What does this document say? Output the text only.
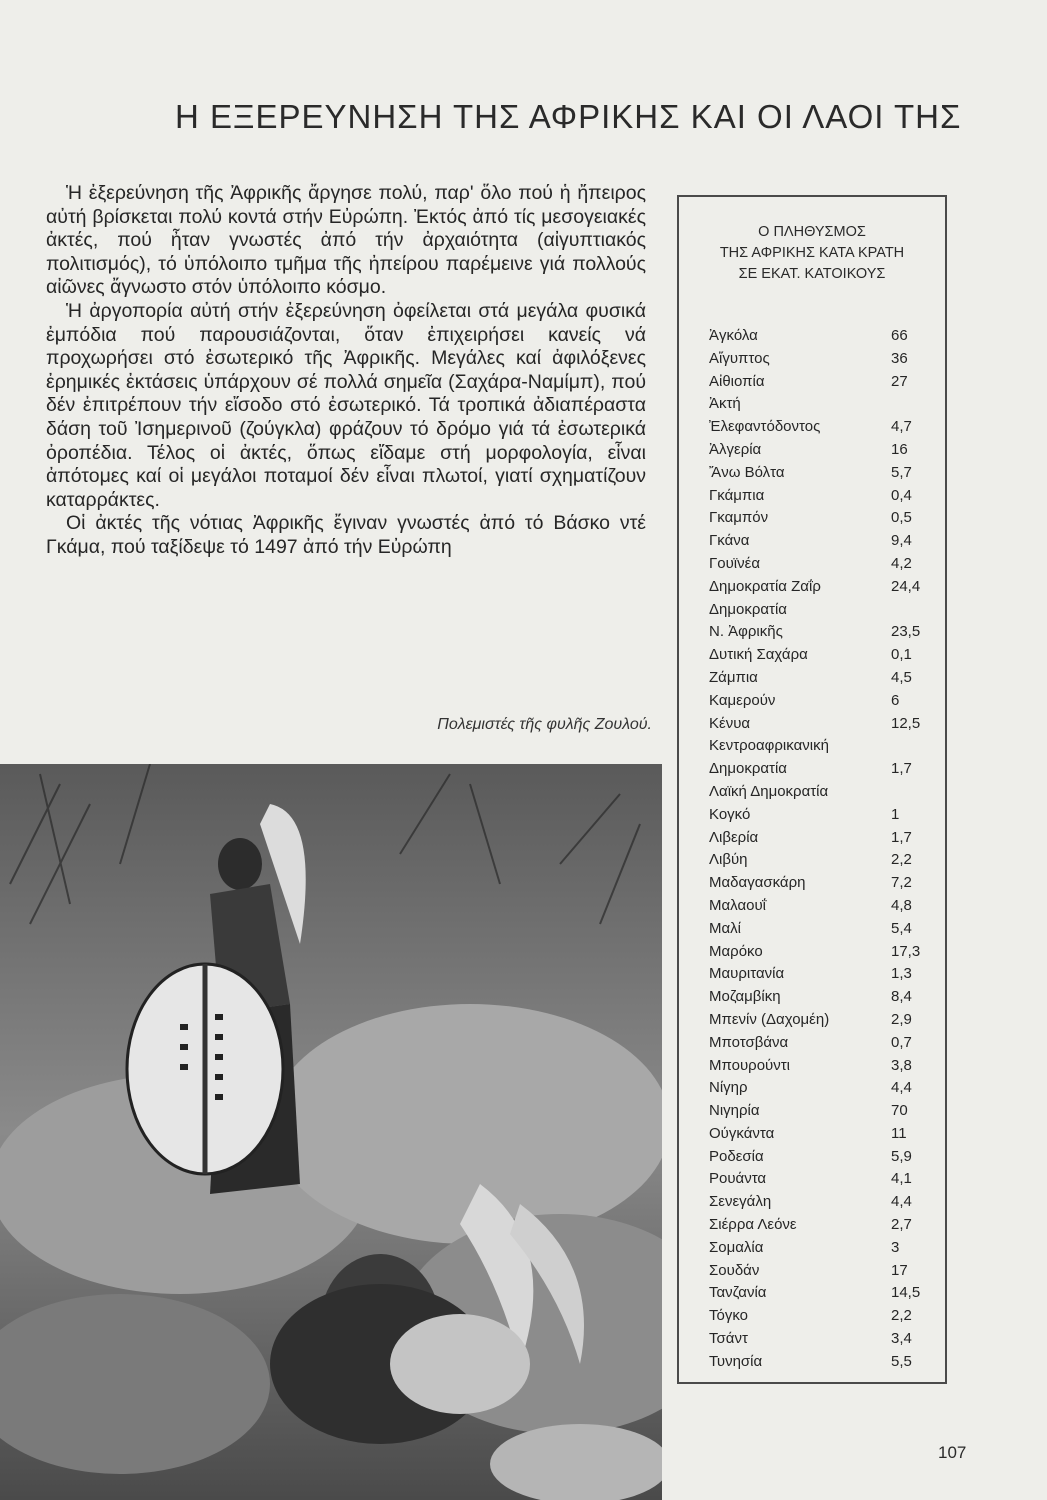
Η ΕΞΕΡΕΥΝΗΣΗ ΤΗΣ ΑΦΡΙΚΗΣ ΚΑΙ ΟΙ ΛΑΟΙ ΤΗΣ

Ἡ ἐξερεύνηση τῆς Ἀφρικῆς ἄργησε πολύ, παρ' ὅλο πού ἡ ἤπειρος αὐτή βρίσκεται πολύ κοντά στήν Εὐρώπη. Ἐκτός ἀπό τίς μεσογειακές ἀκτές, πού ἦταν γνωστές ἀπό τήν ἀρχαιότητα (αἰγυπτιακός πολιτισμός), τό ὑπόλοιπο τμῆμα τῆς ἠπείρου παρέμεινε γιά πολλούς αἰῶνες ἄγνωστο στόν ὑπόλοιπο κόσμο.

Ἡ ἀργοπορία αὐτή στήν ἐξερεύνηση ὀφείλεται στά μεγάλα φυσικά ἐμπόδια πού παρουσιάζονται, ὅταν ἐπιχειρήσει κανείς νά προχωρήσει στό ἐσωτερικό τῆς Ἀφρικῆς. Μεγάλες καί ἀφιλόξενες ἐρημικές ἐκτάσεις ὑπάρχουν σέ πολλά σημεῖα (Σαχάρα-Ναμίμπ), πού δέν ἐπιτρέπουν τήν εἴσοδο στό ἐσωτερικό. Τά τροπικά ἀδιαπέραστα δάση τοῦ Ἰσημερινοῦ (ζούγκλα) φράζουν τό δρόμο γιά τά ἐσωτερικά ὀροπέδια. Τέλος οἱ ἀκτές, ὅπως εἴδαμε στή μορφολογία, εἶναι ἀπότομες καί οἱ μεγάλοι ποταμοί δέν εἶναι πλωτοί, γιατί σχηματίζουν καταρράκτες.

Οἱ ἀκτές τῆς νότιας Ἀφρικῆς ἔγιναν γνωστές ἀπό τό Βάσκο ντέ Γκάμα, πού ταξίδεψε τό 1497 ἀπό τήν Εὐρώπη

Πολεμιστές τῆς φυλῆς Ζουλού.
Ο ΠΛΗΘΥΣΜΟΣ
ΤΗΣ ΑΦΡΙΚΗΣ ΚΑΤΑ ΚΡΑΤΗ
ΣΕ ΕΚΑΤ. ΚΑΤΟΙΚΟΥΣ
Ἀγκόλα	66
Αἴγυπτος	36
Αἰθιοπία	27
Ἀκτή
Ἐλεφαντόδοντος	4,7
Ἀλγερία	16
Ἄνω Βόλτα	5,7
Γκάμπια	0,4
Γκαμπόν	0,5
Γκάνα	9,4
Γουϊνέα	4,2
Δημοκρατία Ζαΐρ	24,4
Δημοκρατία
Ν. Ἀφρικῆς	23,5
Δυτική Σαχάρα	0,1
Ζάμπια	4,5
Καμερούν	6
Κένυα	12,5
Κεντροαφρικανική
Δημοκρατία	1,7
Λαϊκή Δημοκρατία
Κογκό	1
Λιβερία	1,7
Λιβύη	2,2
Μαδαγασκάρη	7,2
Μαλαουΐ	4,8
Μαλί	5,4
Μαρόκο	17,3
Μαυριτανία	1,3
Μοζαμβίκη	8,4
Μπενίν (Δαχομέη)	2,9
Μποτσβάνα	0,7
Μπουρούντι	3,8
Νίγηρ	4,4
Νιγηρία	70
Ούγκάντα	11
Ροδεσία	5,9
Ρουάντα	4,1
Σενεγάλη	4,4
Σιέρρα Λεόνε	2,7
Σομαλία	3
Σουδάν	17
Τανζανία	14,5
Τόγκο	2,2
Τσάντ	3,4
Τυνησία	5,5
107
